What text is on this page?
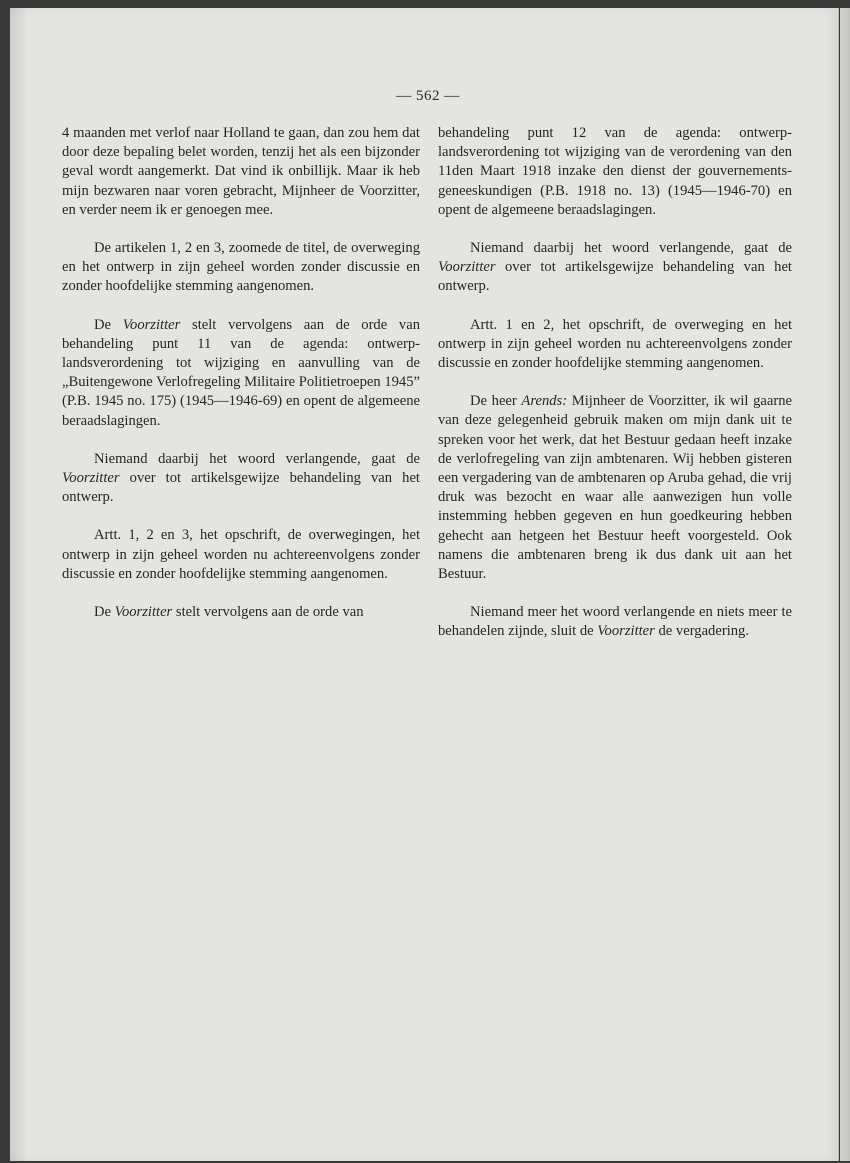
— 562 —

4 maanden met verlof naar Holland te gaan, dan zou hem dat door deze bepaling belet worden, tenzij het als een bijzonder geval wordt aangemerkt. Dat vind ik onbillijk. Maar ik heb mijn bezwaren naar voren gebracht, Mijnheer de Voorzitter, en verder neem ik er genoegen mee.

De artikelen 1, 2 en 3, zoomede de titel, de overweging en het ontwerp in zijn geheel worden zonder discussie en zonder hoofdelijke stemming aangenomen.

De Voorzitter stelt vervolgens aan de orde van behandeling punt 11 van de agenda: ontwerp-landsverordening tot wijziging en aanvulling van de „Buitengewone Verlofregeling Militaire Politietroepen 1945” (P.B. 1945 no. 175) (1945—1946-69) en opent de algemeene beraadslagingen.

Niemand daarbij het woord verlangende, gaat de Voorzitter over tot artikelsgewijze behandeling van het ontwerp.

Artt. 1, 2 en 3, het opschrift, de overwegingen, het ontwerp in zijn geheel worden nu achtereenvolgens zonder discussie en zonder hoofdelijke stemming aangenomen.

De Voorzitter stelt vervolgens aan de orde van

behandeling punt 12 van de agenda: ontwerp-landsverordening tot wijziging van de verordening van den 11den Maart 1918 inzake den dienst der gouvernements-geneeskundigen (P.B. 1918 no. 13) (1945—1946-70) en opent de algemeene beraadslagingen.

Niemand daarbij het woord verlangende, gaat de Voorzitter over tot artikelsgewijze behandeling van het ontwerp.

Artt. 1 en 2, het opschrift, de overweging en het ontwerp in zijn geheel worden nu achtereenvolgens zonder discussie en zonder hoofdelijke stemming aangenomen.

De heer Arends: Mijnheer de Voorzitter, ik wil gaarne van deze gelegenheid gebruik maken om mijn dank uit te spreken voor het werk, dat het Bestuur gedaan heeft inzake de verlofregeling van zijn ambtenaren. Wij hebben gisteren een vergadering van de ambtenaren op Aruba gehad, die vrij druk was bezocht en waar alle aanwezigen hun volle instemming hebben gegeven en hun goedkeuring hebben gehecht aan hetgeen het Bestuur heeft voorgesteld. Ook namens die ambtenaren breng ik dus dank uit aan het Bestuur.

Niemand meer het woord verlangende en niets meer te behandelen zijnde, sluit de Voorzitter de vergadering.
